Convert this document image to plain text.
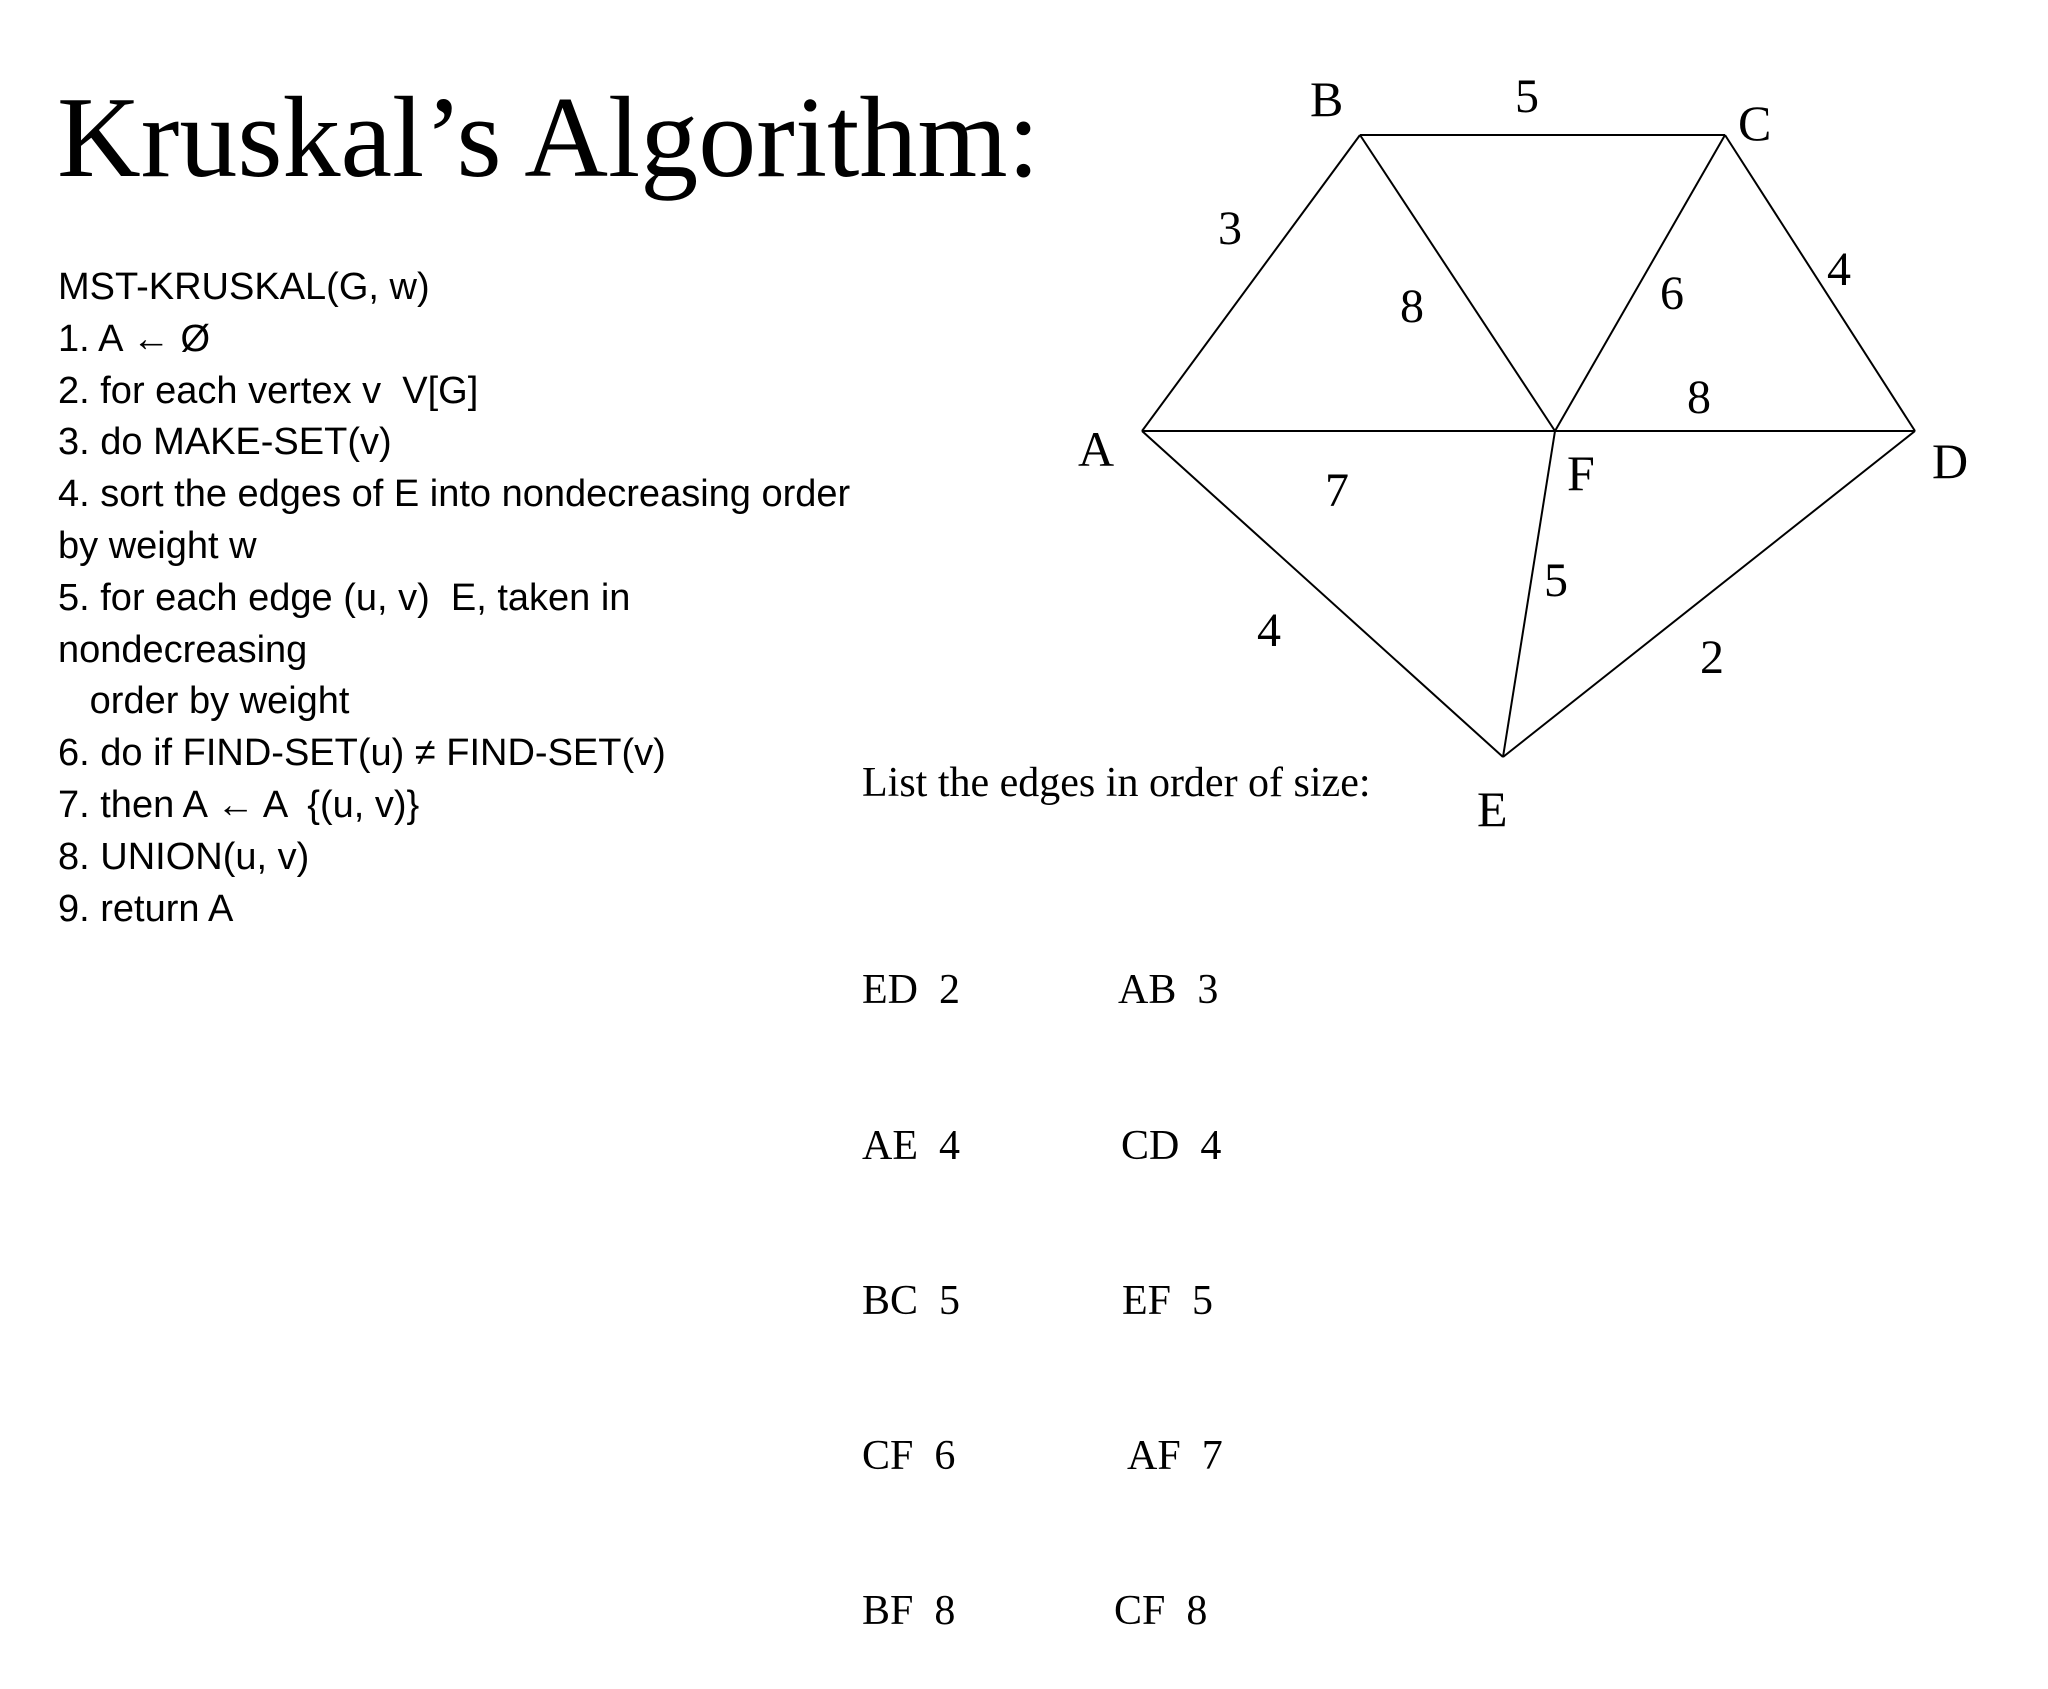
Kruskal’s Algorithm:
MST-KRUSKAL(G, w)
1. A ← Ø
2. for each vertex v  V[G]
3. do MAKE-SET(v)
4. sort the edges of E into nondecreasing order
by weight w
5. for each edge (u, v)  E, taken in
nondecreasing
order by weight
6. do if FIND-SET(u) ≠ FIND-SET(v)
7. then A ← A  {(u, v)}
8. UNION(u, v)
9. return A
A
B	C
D
E
F
3
5
4
8	6
8
7
4
5
2
List the edges in order of size:

ED  2

AE  4

BC  5

CF  6

BF  8

AB  3

CD  4

EF  5

AF  7

CF  8
